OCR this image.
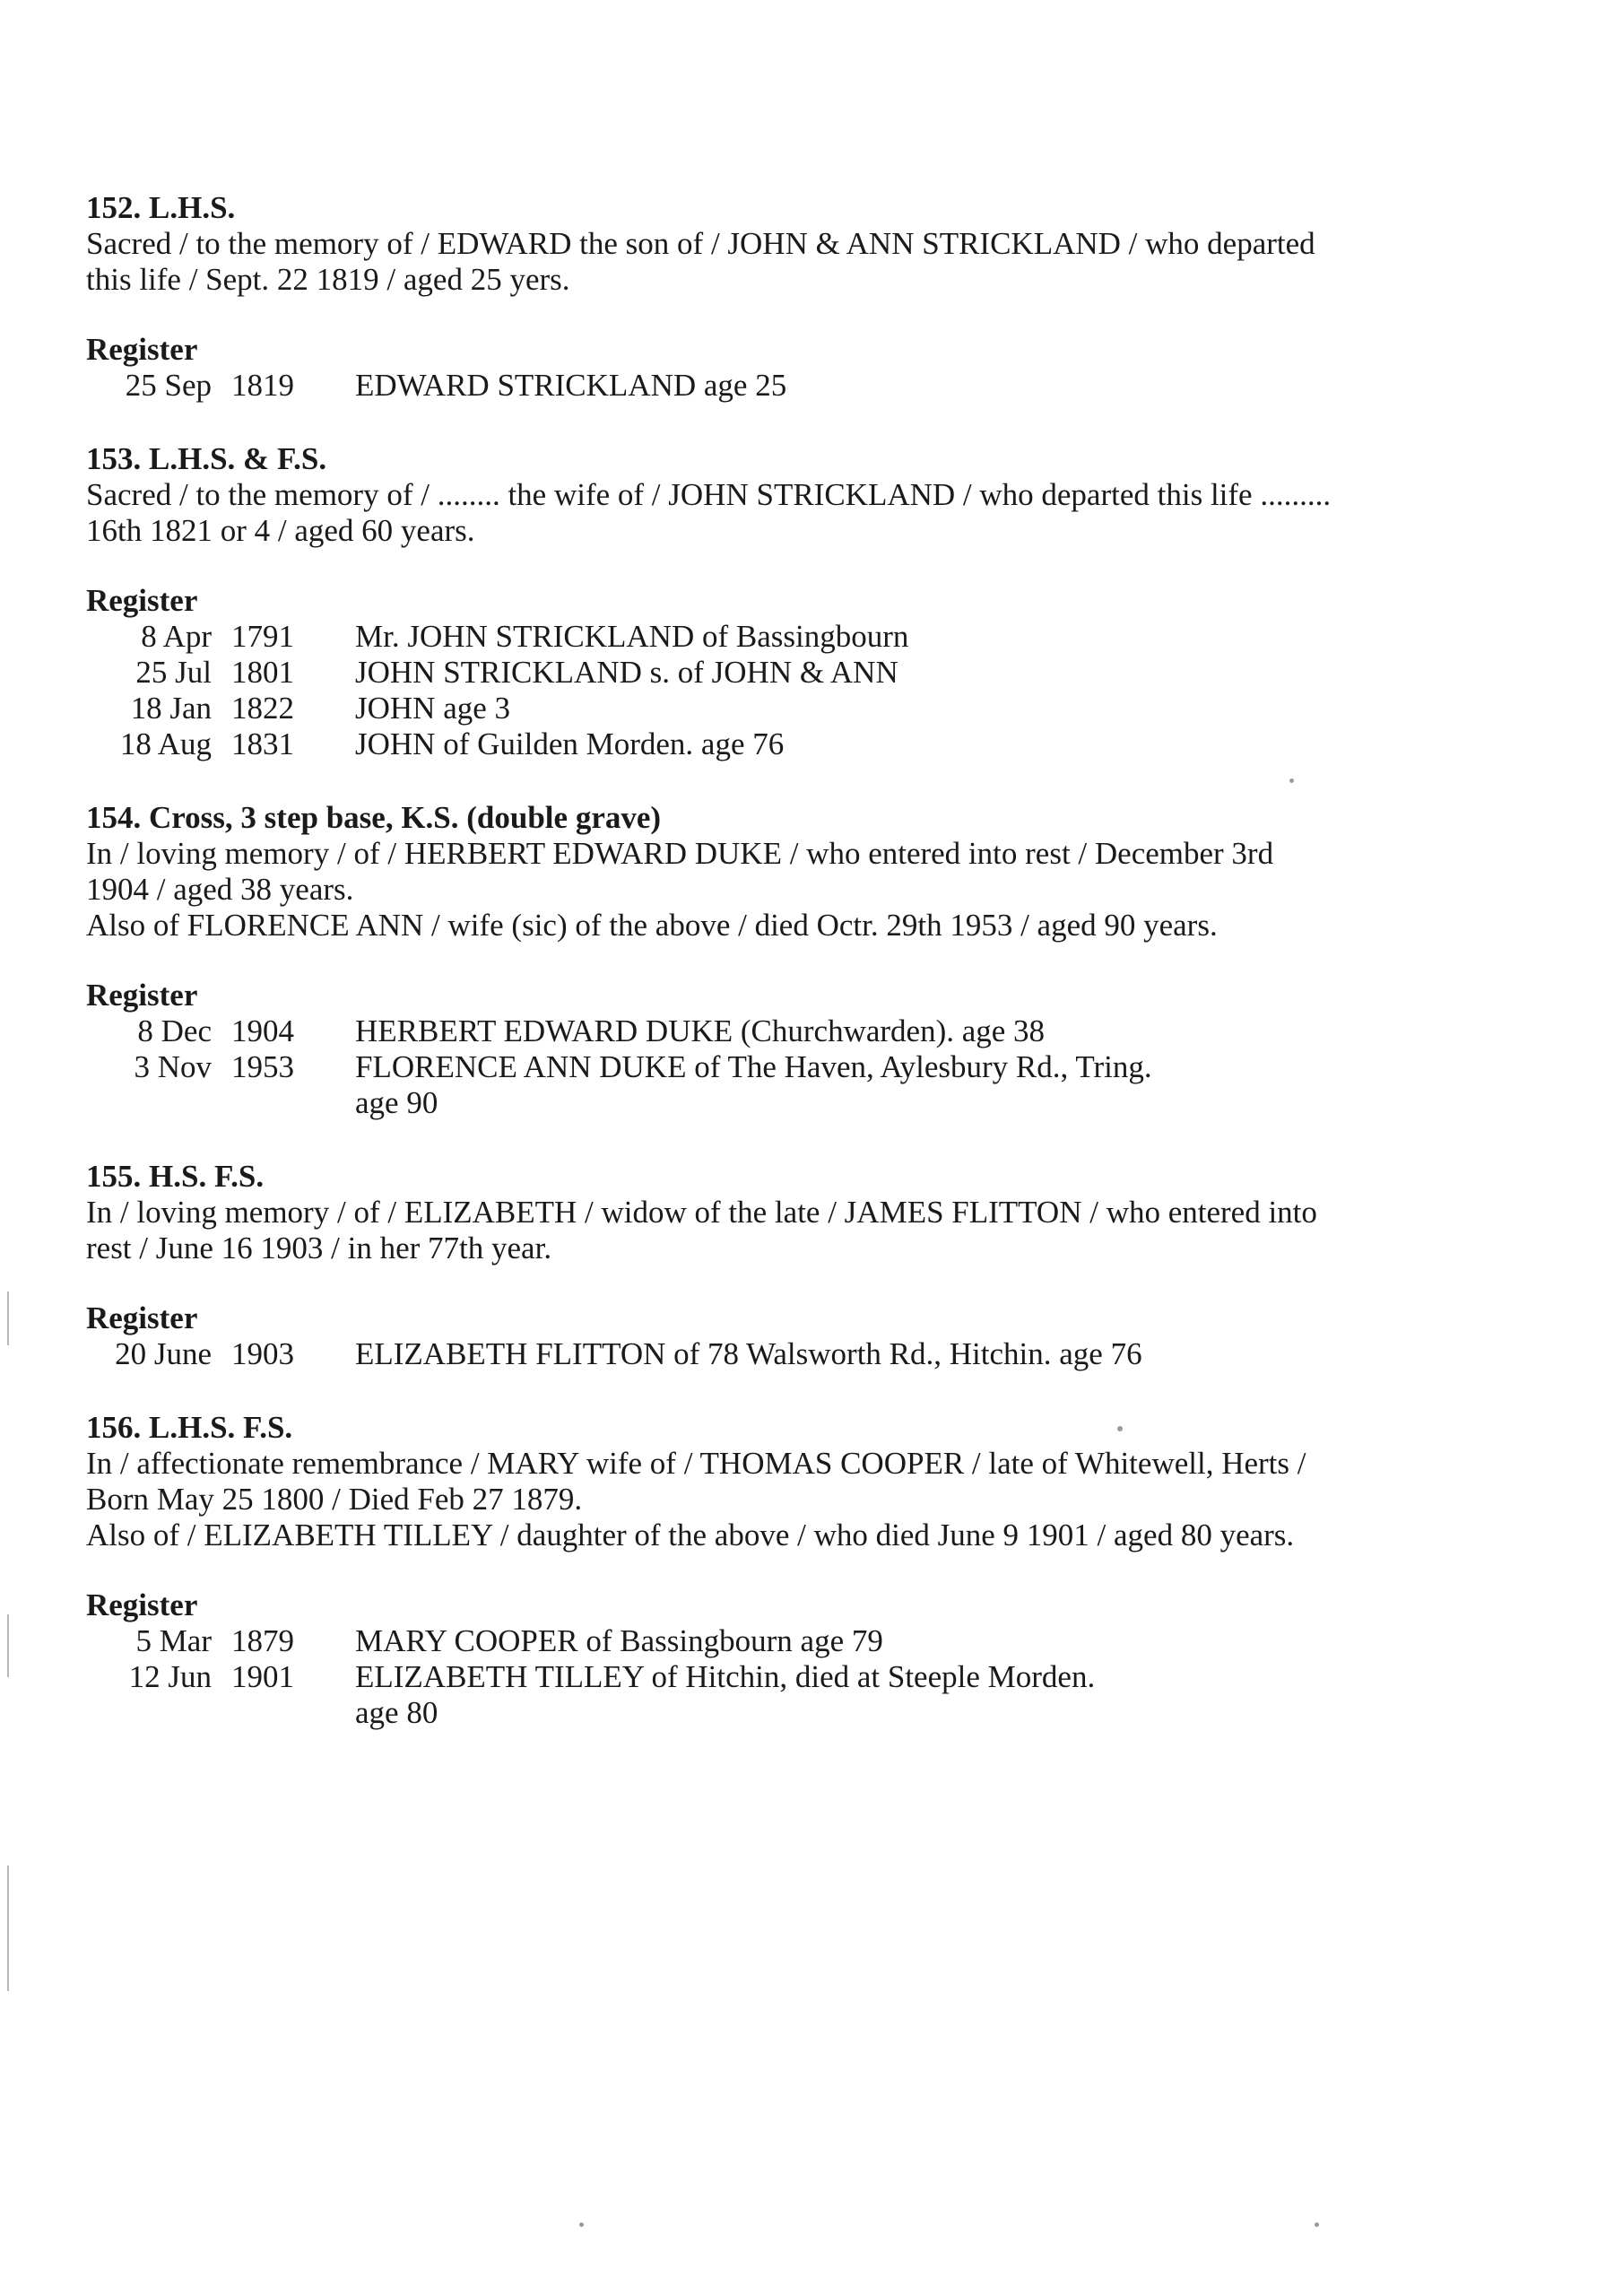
152. L.H.S.

Sacred / to the memory of / EDWARD the son of / JOHN & ANN STRICKLAND / who departed this life / Sept. 22 1819 / aged 25 yers.

Register

25 Sep 1819 EDWARD STRICKLAND age 25

153. L.H.S. & F.S.

Sacred / to the memory of / ........ the wife of / JOHN STRICKLAND / who departed this life ......... 16th 1821 or 4 / aged 60 years.

Register

8 Apr 1791 Mr. JOHN STRICKLAND of Bassingbourn
25 Jul 1801 JOHN STRICKLAND s. of JOHN & ANN
18 Jan 1822 JOHN age 3
18 Aug 1831 JOHN of Guilden Morden. age 76

154. Cross, 3 step base, K.S. (double grave)

In / loving memory / of / HERBERT EDWARD DUKE / who entered into rest / December 3rd 1904 / aged 38 years.

Also of FLORENCE ANN / wife (sic) of the above / died Octr. 29th 1953 / aged 90 years.

Register

8 Dec 1904 HERBERT EDWARD DUKE (Churchwarden). age 38
3 Nov 1953 FLORENCE ANN DUKE of The Haven, Aylesbury Rd., Tring.
age 90

155. H.S. F.S.

In / loving memory / of / ELIZABETH / widow of the late / JAMES FLITTON / who entered into rest / June 16 1903 / in her 77th year.

Register

20 June 1903 ELIZABETH FLITTON of 78 Walsworth Rd., Hitchin. age 76

156. L.H.S. F.S.

In / affectionate remembrance / MARY wife of / THOMAS COOPER / late of Whitewell, Herts / Born May 25 1800 / Died Feb 27 1879.

Also of / ELIZABETH TILLEY / daughter of the above / who died June 9 1901 / aged 80 years.

Register

5 Mar 1879 MARY COOPER of Bassingbourn age 79
12 Jun 1901 ELIZABETH TILLEY of Hitchin, died at Steeple Morden.
age 80
